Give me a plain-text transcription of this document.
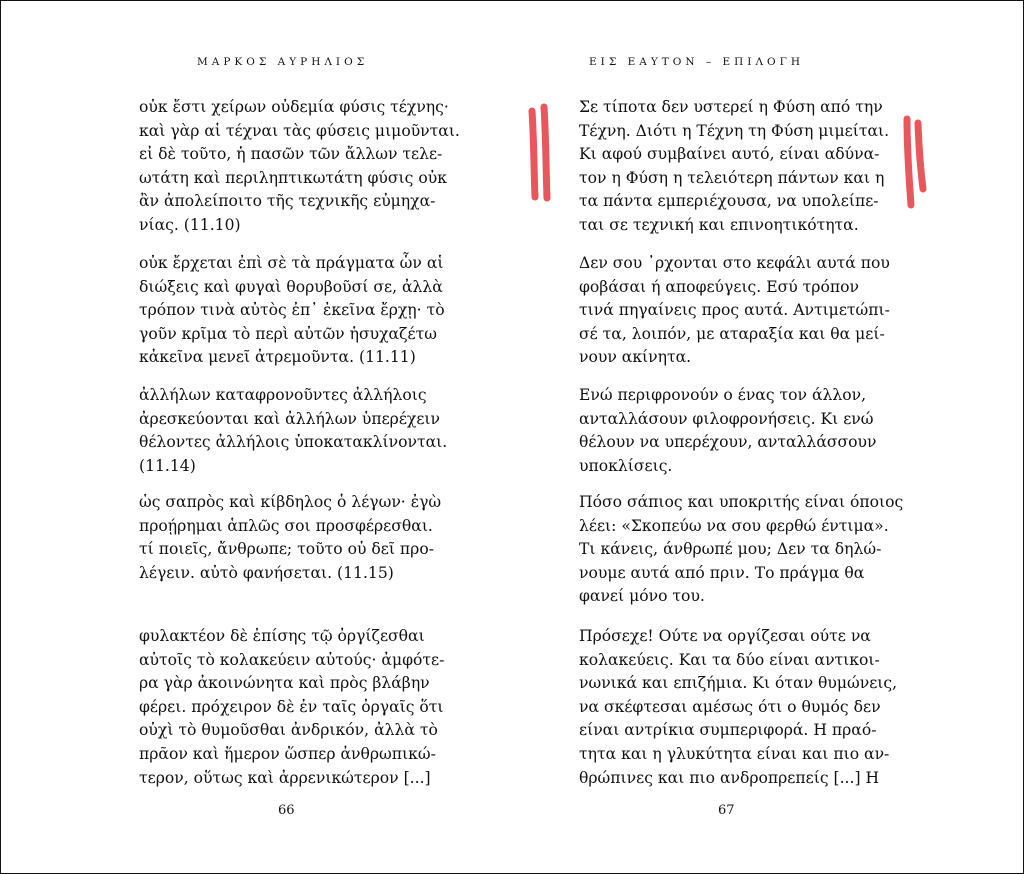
ΜΑΡΚΟΣ ΑΥΡΗΛΙΟΣ	ΕΙΣ ΕΑΥΤΟΝ – ΕΠΙΛΟΓΗ

οὐκ ἔστι χείρων οὐδεμία φύσις τέχνης·
καὶ γὰρ αἱ τέχναι τὰς φύσεις μιμοῦνται.
εἰ δὲ τοῦτο, ἡ πασῶν τῶν ἄλλων τελε-
ωτάτη καὶ περιληπτικωτάτη φύσις οὐκ
ἂν ἀπολείποιτο τῆς τεχνικῆς εὐμηχα-
νίας. (11.10)

οὐκ ἔρχεται ἐπὶ σὲ τὰ πράγματα ὧν αἱ
διώξεις καὶ φυγαὶ θορυβοῦσί σε, ἀλλὰ
τρόπον τινὰ αὐτὸς ἐπ᾽ ἐκεῖνα ἔρχῃ· τὸ
γοῦν κρῖμα τὸ περὶ αὐτῶν ἡσυχαζέτω
κἀκεῖνα μενεῖ ἀτρεμοῦντα. (11.11)

ἀλλήλων καταφρονοῦντες ἀλλήλοις
ἀρεσκεύονται καὶ ἀλλήλων ὑπερέχειν
θέλοντες ἀλλήλοις ὑποκατακλίνονται.
(11.14)

ὡς σαπρὸς καὶ κίβδηλος ὁ λέγων· ἐγὼ
προῄρημαι ἁπλῶς σοι προσφέρεσθαι.
τί ποιεῖς, ἄνθρωπε; τοῦτο οὐ δεῖ προ-
λέγειν. αὐτὸ φανήσεται. (11.15)

φυλακτέον δὲ ἐπίσης τῷ ὀργίζεσθαι
αὐτοῖς τὸ κολακεύειν αὐτούς· ἀμφότε-
ρα γὰρ ἀκοινώνητα καὶ πρὸς βλάβην
φέρει. πρόχειρον δὲ ἐν ταῖς ὀργαῖς ὅτι
οὐχὶ τὸ θυμοῦσθαι ἀνδρικόν, ἀλλὰ τὸ
πρᾶον καὶ ἥμερον ὥσπερ ἀνθρωπικώ-
τερον, οὕτως καὶ ἀρρενικώτερον [...]

Σε τίποτα δεν υστερεί η Φύση από την
Τέχνη. Διότι η Τέχνη τη Φύση μιμείται.
Κι αφού συμβαίνει αυτό, είναι αδύνα-
τον η Φύση η τελειότερη πάντων και η
τα πάντα εμπεριέχουσα, να υπολείπε-
ται σε τεχνική και επινοητικότητα.

Δεν σου ᾽ρχονται στο κεφάλι αυτά που
φοβάσαι ή αποφεύγεις. Εσύ τρόπον
τινά πηγαίνεις προς αυτά. Αντιμετώπι-
σέ τα, λοιπόν, με αταραξία και θα μεί-
νουν ακίνητα.

Ενώ περιφρονούν ο ένας τον άλλον,
ανταλλάσουν φιλοφρονήσεις. Κι ενώ
θέλουν να υπερέχουν, ανταλλάσσουν
υποκλίσεις.

Πόσο σάπιος και υποκριτής είναι όποιος
λέει: «Σκοπεύω να σου φερθώ έντιμα».
Τι κάνεις, άνθρωπέ μου; Δεν τα δηλώ-
νουμε αυτά από πριν. Το πράγμα θα
φανεί μόνο του.

Πρόσεχε! Ούτε να οργίζεσαι ούτε να
κολακεύεις. Και τα δύο είναι αντικοι-
νωνικά και επιζήμια. Κι όταν θυμώνεις,
να σκέφτεσαι αμέσως ότι ο θυμός δεν
είναι αντρίκια συμπεριφορά. Η πραό-
τητα και η γλυκύτητα είναι και πιο αν-
θρώπινες και πιο ανδροπρεπείς [...] Η

66	67
